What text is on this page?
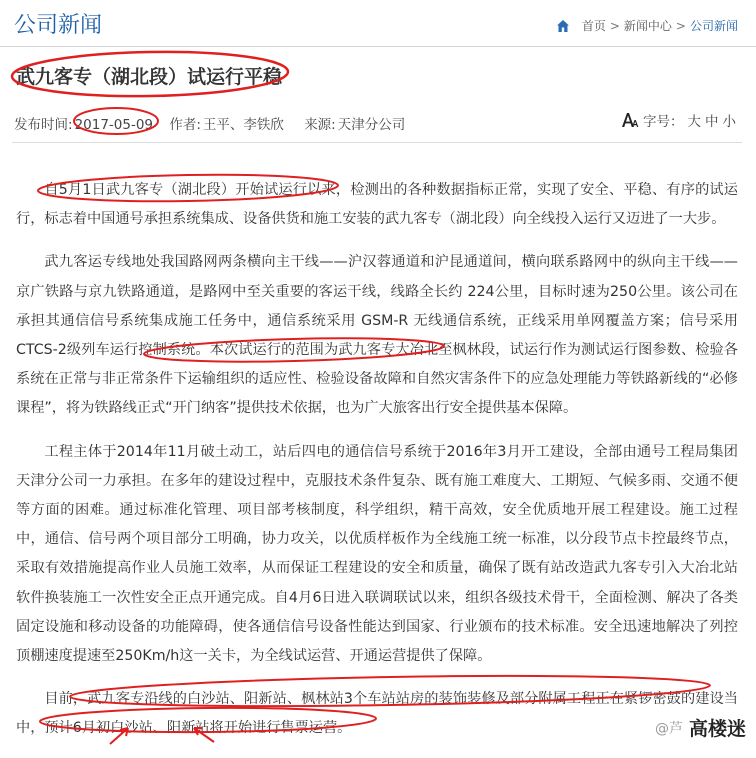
公司新闻	首页 > 新闻中心 > 公司新闻
武九客专（湖北段）试运行平稳
发布时间: 2017-05-09 作者: 王平、李铁欣 来源: 天津分公司	字号： 大 中 小

自5月1日武九客专（湖北段）开始试运行以来，检测出的各种数据指标正常，实现了安全、平稳、有序的试运行，标志着中国通号承担系统集成、设备供货和施工安装的武九客专（湖北段）向全线投入运行又迈进了一大步。

武九客运专线地处我国路网两条横向主干线——沪汉蓉通道和沪昆通道间，横向联系路网中的纵向主干线——京广铁路与京九铁路通道，是路网中至关重要的客运干线，线路全长约 224公里，目标时速为250公里。该公司在承担其通信信号系统集成施工任务中，通信系统采用 GSM-R 无线通信系统，正线采用单网覆盖方案；信号采用 CTCS-2级列车运行控制系统。本次试运行的范围为武九客专大冶北至枫林段，试运行作为测试运行图参数、检验各系统在正常与非正常条件下运输组织的适应性、检验设备故障和自然灾害条件下的应急处理能力等铁路新线的“必修课程”，将为铁路线正式“开门纳客”提供技术依据，也为广大旅客出行安全提供基本保障。

工程主体于2014年11月破土动工，站后四电的通信信号系统于2016年3月开工建设，全部由通号工程局集团天津分公司一力承担。在多年的建设过程中，克服技术条件复杂、既有施工难度大、工期短、气候多雨、交通不便等方面的困难。通过标准化管理、项目部考核制度，科学组织，精干高效，安全优质地开展工程建设。施工过程中，通信、信号两个项目部分工明确，协力攻关，以优质样板作为全线施工统一标准，以分段节点卡控最终节点，采取有效措施提高作业人员施工效率，从而保证工程建设的安全和质量，确保了既有站改造武九客专引入大冶北站软件换装施工一次性安全正点开通完成。自4月6日进入联调联试以来，组织各级技术骨干，全面检测、解决了各类固定设施和移动设备的功能障碍，使各通信信号设备性能达到国家、行业颁布的技术标准。安全迅速地解决了列控顶棚速度提速至250Km/h这一关卡，为全线试运营、开通运营提供了保障。

目前，武九客专沿线的白沙站、阳新站、枫林站3个车站站房的装饰装修及部分附属工程正在紧锣密鼓的建设当中，预计6月初白沙站、阳新站将开始进行售票运营。	@芦 高楼迷
